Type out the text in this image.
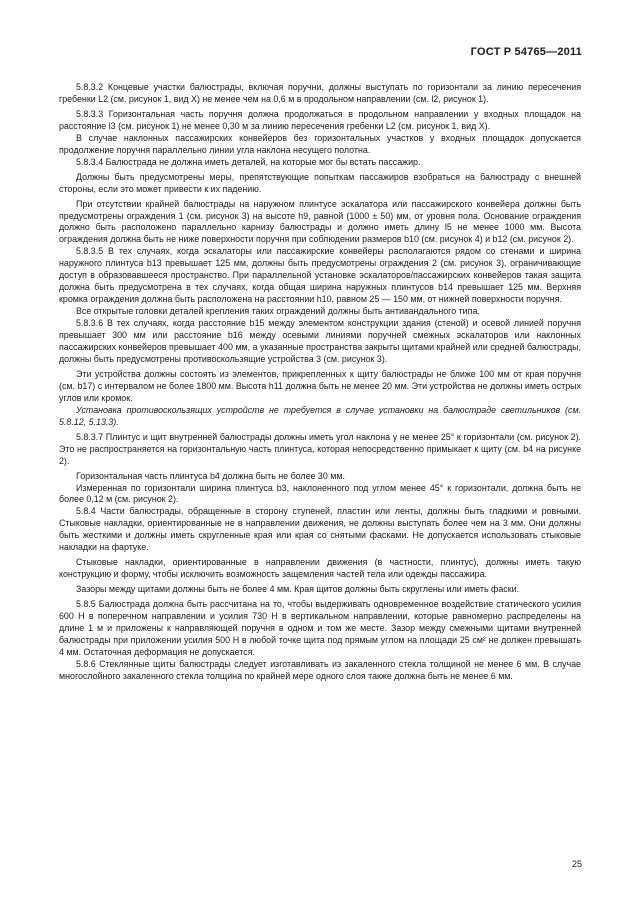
ГОСТ Р 54765—2011

5.8.3.2 Концевые участки балюстрады, включая поручни, должны выступать по горизонтали за линию пересечения гребенки L2 (см. рисунок 1, вид X) не менее чем на 0,6 м в продольном направлении (см. l2, рисунок 1).

5.8.3.3 Горизонтальная часть поручня должна продолжаться в продольном направлении у входных площадок на расстояние l3 (см. рисунок 1) не менее 0,30 м за линию пересечения гребенки L2 (см. рисунок 1, вид X).

В случае наклонных пассажирских конвейеров без горизонтальных участков у входных площадок допускается продолжение поручня параллельно линии угла наклона несущего полотна.

5.8.3.4 Балюстрада не должна иметь деталей, на которые мог бы встать пассажир.

Должны быть предусмотрены меры, препятствующие попыткам пассажиров взобраться на балюстраду с внешней стороны, если это может привести к их падению.

При отсутствии крайней балюстрады на наружном плинтусе эскалатора или пассажирского конвейера должны быть предусмотрены ограждения 1 (см. рисунок 3) на высоте h9, равной (1000 ± 50) мм, от уровня пола. Основание ограждения должно быть расположено параллельно карнизу балюстрады и должно иметь длину l5 не менее 1000 мм. Высота ограждения должна быть не ниже поверхности поручня при соблюдении размеров b10 (см. рисунок 4) и b12 (см. рисунок 2).

5.8.3.5 В тех случаях, когда эскалаторы или пассажирские конвейеры располагаются рядом со стенами и ширина наружного плинтуса b13 превышает 125 мм, должны быть предусмотрены ограждения 2 (см. рисунок 3), ограничивающие доступ в образовавшееся пространство. При параллельной установке эскалаторов/пассажирских конвейеров такая защита должна быть предусмотрена в тех случаях, когда общая ширина наружных плинтусов b14 превышает 125 мм. Верхняя кромка ограждения должна быть расположена на расстоянии h10, равном 25 — 150 мм, от нижней поверхности поручня.

Все открытые головки деталей крепления таких ограждений должны быть антивандального типа.

5.8.3.6 В тех случаях, когда расстояние b15 между элементом конструкции здания (стеной) и осевой линией поручня превышает 300 мм или расстояние b16 между осевыми линиями поручней смежных эскалаторов или наклонных пассажирских конвейеров превышает 400 мм, а указанные пространства закрыты щитами крайней или средней балюстрады, должны быть предусмотрены противоскользящие устройства 3 (см. рисунок 3).

Эти устройства должны состоять из элементов, прикрепленных к щиту балюстрады не ближе 100 мм от края поручня (см. b17) с интервалом не более 1800 мм. Высота h11 должна быть не менее 20 мм. Эти устройства не должны иметь острых углов или кромок.

Установка противоскользящих устройств не требуется в случае установки на балюстраде светильников (см. 5.8.12, 5.13.3).

5.8.3.7 Плинтус и щит внутренней балюстрады должны иметь угол наклона γ не менее 25° к горизонтали (см. рисунок 2). Это не распространяется на горизонтальную часть плинтуса, которая непосредственно примыкает к щиту (см. b4 на рисунке 2).

Горизонтальная часть плинтуса b4 должна быть не более 30 мм.

Измеренная по горизонтали ширина плинтуса b3, наклоненного под углом менее 45° к горизонтали, должна быть не более 0,12 м (см. рисунок 2).

5.8.4 Части балюстрады, обращенные в сторону ступеней, пластин или ленты, должны быть гладкими и ровными. Стыковые накладки, ориентированные не в направлении движения, не должны выступать более чем на 3 мм. Они должны быть жесткими и должны иметь скругленные края или края со снятыми фасками. Не допускается использовать стыковые накладки на фартуке.

Стыковые накладки, ориентированные в направлении движения (в частности, плинтус), должны иметь такую конструкцию и форму, чтобы исключить возможность защемления частей тела или одежды пассажира.

Зазоры между щитами должны быть не более 4 мм. Края щитов должны быть скруглены или иметь фаски.

5.8.5 Балюстрада должна быть рассчитана на то, чтобы выдерживать одновременное воздействие статического усилия 600 Н в поперечном направлении и усилия 730 Н в вертикальном направлении, которые равномерно распределены на длине 1 м и приложены к направляющей поручня в одном и том же месте. Зазор между смежными щитами внутренней балюстрады при приложении усилия 500 Н в любой точке щита под прямым углом на площади 25 см² не должен превышать 4 мм. Остаточная деформация не допускается.

5.8.6 Стеклянные щиты балюстрады следует изготавливать из закаленного стекла толщиной не менее 6 мм. В случае многослойного закаленного стекла толщина по крайней мере одного слоя также должна быть не менее 6 мм.

25
